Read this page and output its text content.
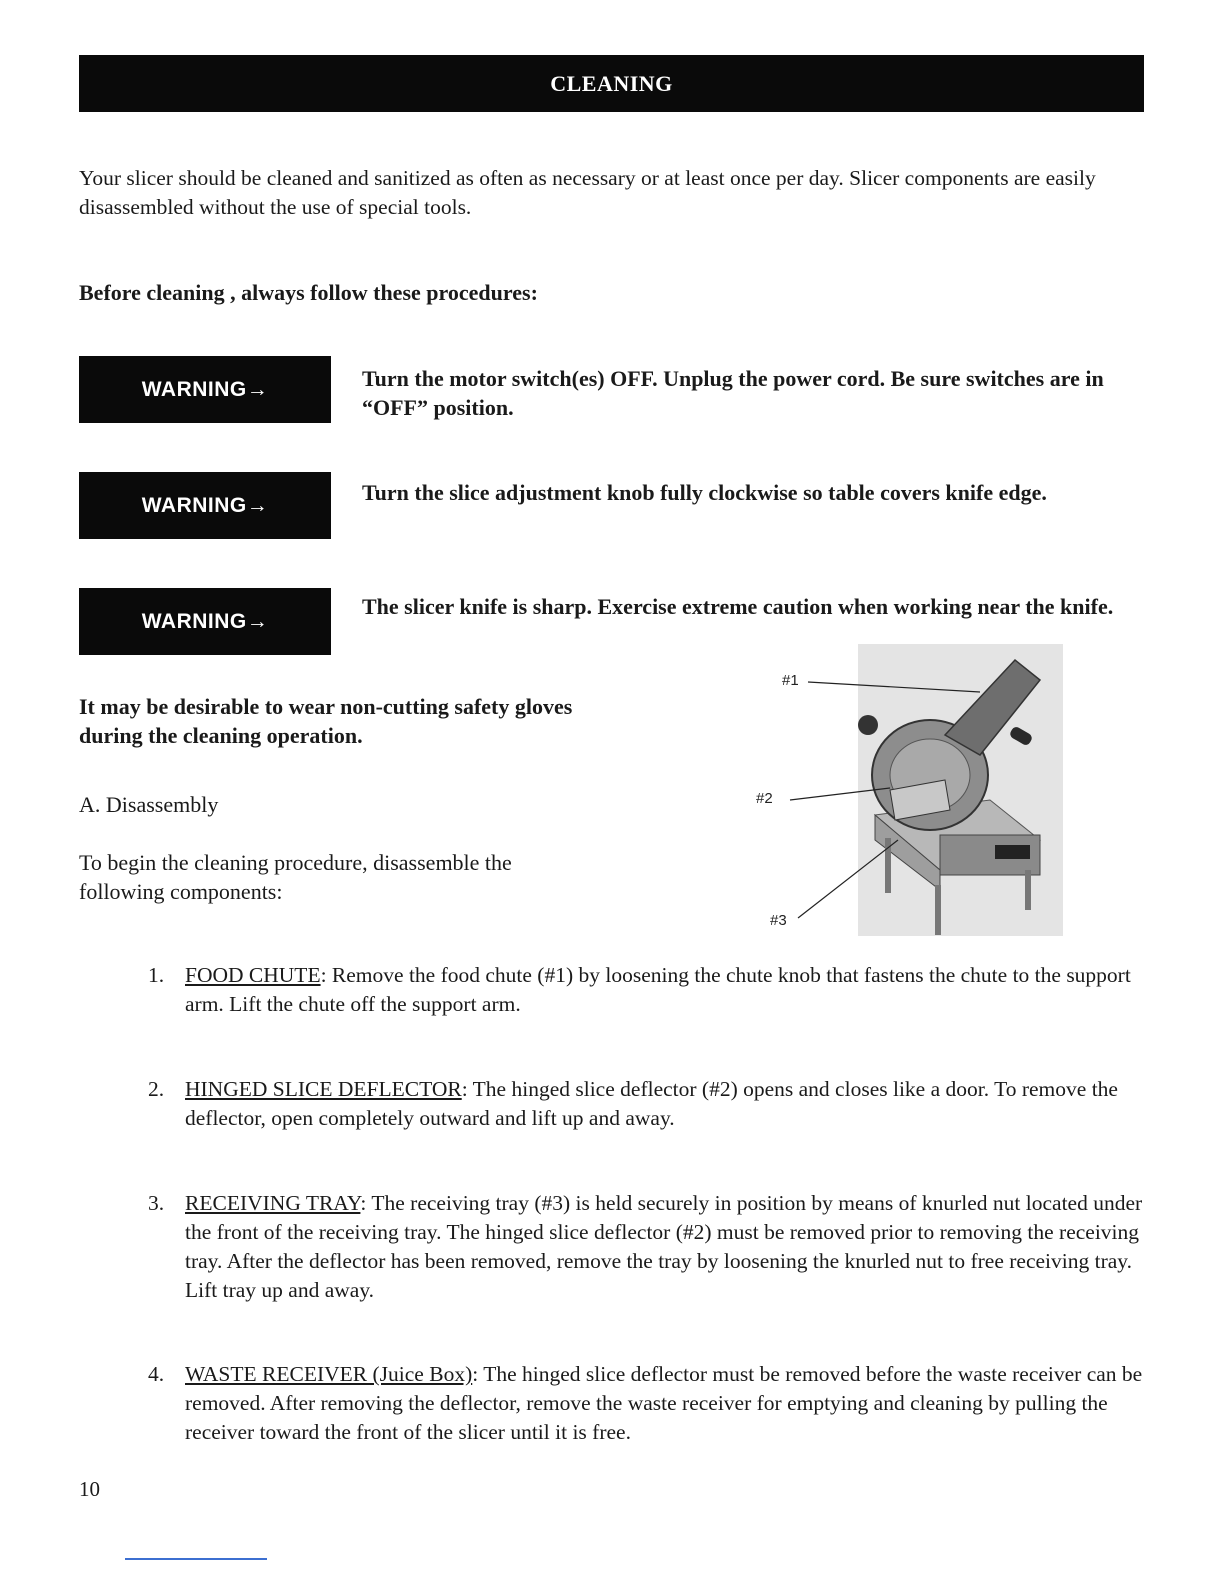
CLEANING

Your slicer should be cleaned and sanitized as often as necessary or at least once per day. Slicer components are easily disassembled without the use of special tools.

Before cleaning , always follow these procedures:

WARNING→	Turn the motor switch(es) OFF. Unplug the power cord. Be sure switches are in “OFF” position.

WARNING→	Turn the slice adjustment knob fully clockwise so table covers knife edge.

WARNING→

The slicer knife is sharp. Exercise extreme caution when working near the knife.

It may be desirable to wear non-cutting safety gloves during the cleaning operation.

A. Disassembly

To begin the cleaning procedure, disassemble the following components:

#1
#2
#3
1. FOOD CHUTE: Remove the food chute (#1) by loosening the chute knob that fastens the chute to the support arm. Lift the chute off the support arm.
2. HINGED SLICE DEFLECTOR: The hinged slice deflector (#2) opens and closes like a door. To remove the deflector, open completely outward and lift up and away.
3. RECEIVING TRAY: The receiving tray (#3) is held securely in position by means of knurled nut located under the front of the receiving tray. The hinged slice deflector (#2) must be removed prior to removing the receiving tray. After the deflector has been removed, remove the tray by loosening the knurled nut to free receiving tray. Lift tray up and away.
4. WASTE RECEIVER (Juice Box): The hinged slice deflector must be removed before the waste receiver can be removed. After removing the deflector, remove the waste receiver for emptying and cleaning by pulling the receiver toward the front of the slicer until it is free.

10
